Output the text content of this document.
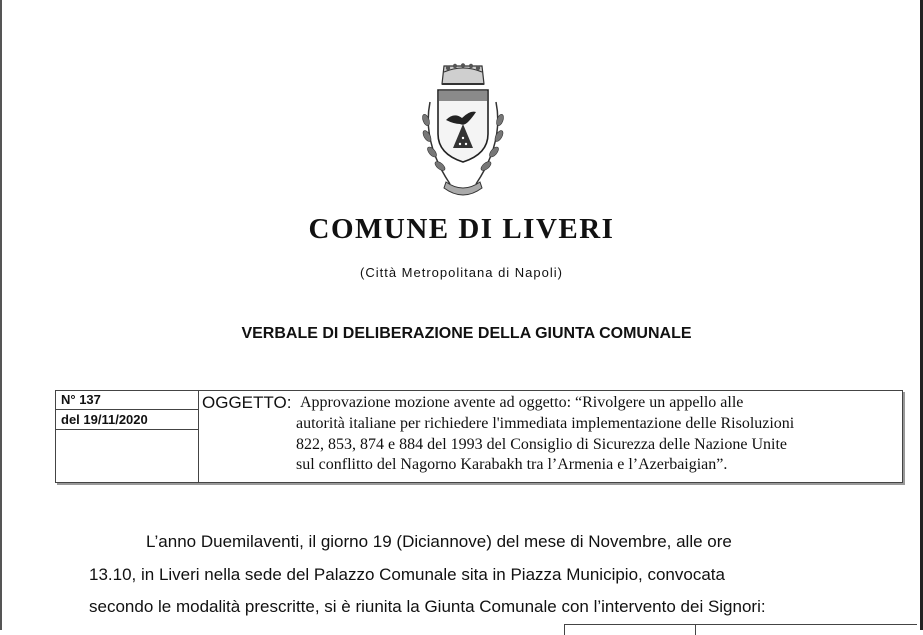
COMUNE DI LIVERI
(Città Metropolitana di Napoli)
VERBALE DI DELIBERAZIONE DELLA GIUNTA COMUNALE
N° 137
del 19/11/2020
OGGETTO: Approvazione mozione avente ad oggetto: “Rivolgere un appello alle
autorità italiane per richiedere l'immediata implementazione delle Risoluzioni
822, 853, 874 e 884 del 1993 del Consiglio di Sicurezza delle Nazione Unite
sul conflitto del Nagorno Karabakh tra l’Armenia e l’Azerbaigian”.
L’anno Duemilaventi, il giorno 19 (Diciannove) del mese di Novembre, alle ore
13.10, in Liveri nella sede del Palazzo Comunale sita in Piazza Municipio, convocata
secondo le modalità prescritte, si è riunita la Giunta Comunale con l’intervento dei Signori:
